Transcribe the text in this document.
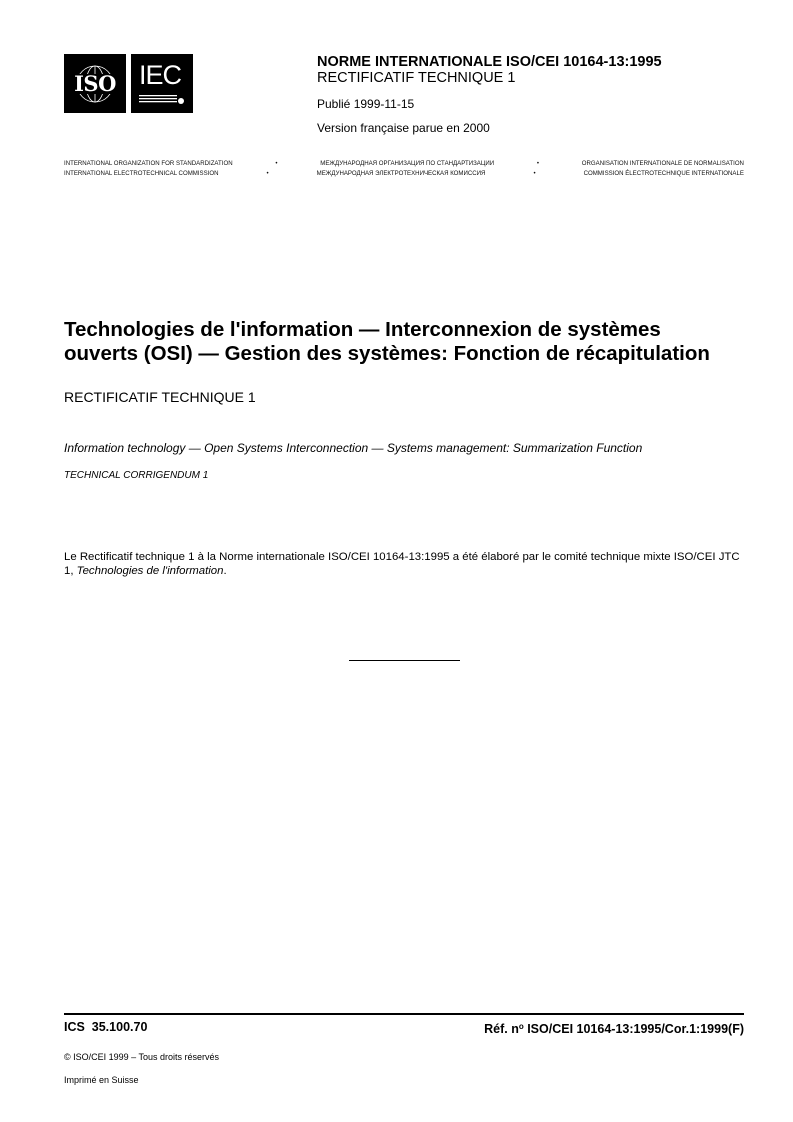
ISO IEC	NORME INTERNATIONALE ISO/CEI 10164-13:1995
RECTIFICATIF TECHNIQUE 1
Publié 1999-11-15
Version française parue en 2000
INTERNATIONAL ORGANIZATION FOR STANDARDIZATION	•	МЕЖДУНАРОДНАЯ ОРГАНИЗАЦИЯ ПО СТАНДАРТИЗАЦИИ	•	ORGANISATION INTERNATIONALE DE NORMALISATION
INTERNATIONAL ELECTROTECHNICAL COMMISSION	•	МЕЖДУНАРОДНАЯ ЭЛЕКТРОТЕХНИЧЕСКАЯ КОМИССИЯ	•	COMMISSION ÉLECTROTECHNIQUE INTERNATIONALE
Technologies de l'information — Interconnexion de systèmes
ouverts (OSI) — Gestion des systèmes: Fonction de récapitulation
RECTIFICATIF TECHNIQUE 1
Information technology — Open Systems Interconnection — Systems management: Summarization Function
TECHNICAL CORRIGENDUM 1
Le Rectificatif technique 1 à la Norme internationale ISO/CEI 10164-13:1995 a été élaboré par le comité technique mixte ISO/CEI JTC 1, Technologies de l'information.
ICS  35.100.70	Réf. $n^o$ ISO/CEI 10164-13:1995/Cor.1:1999(F)
© ISO/CEI 1999 – Tous droits réservés
Imprimé en Suisse
